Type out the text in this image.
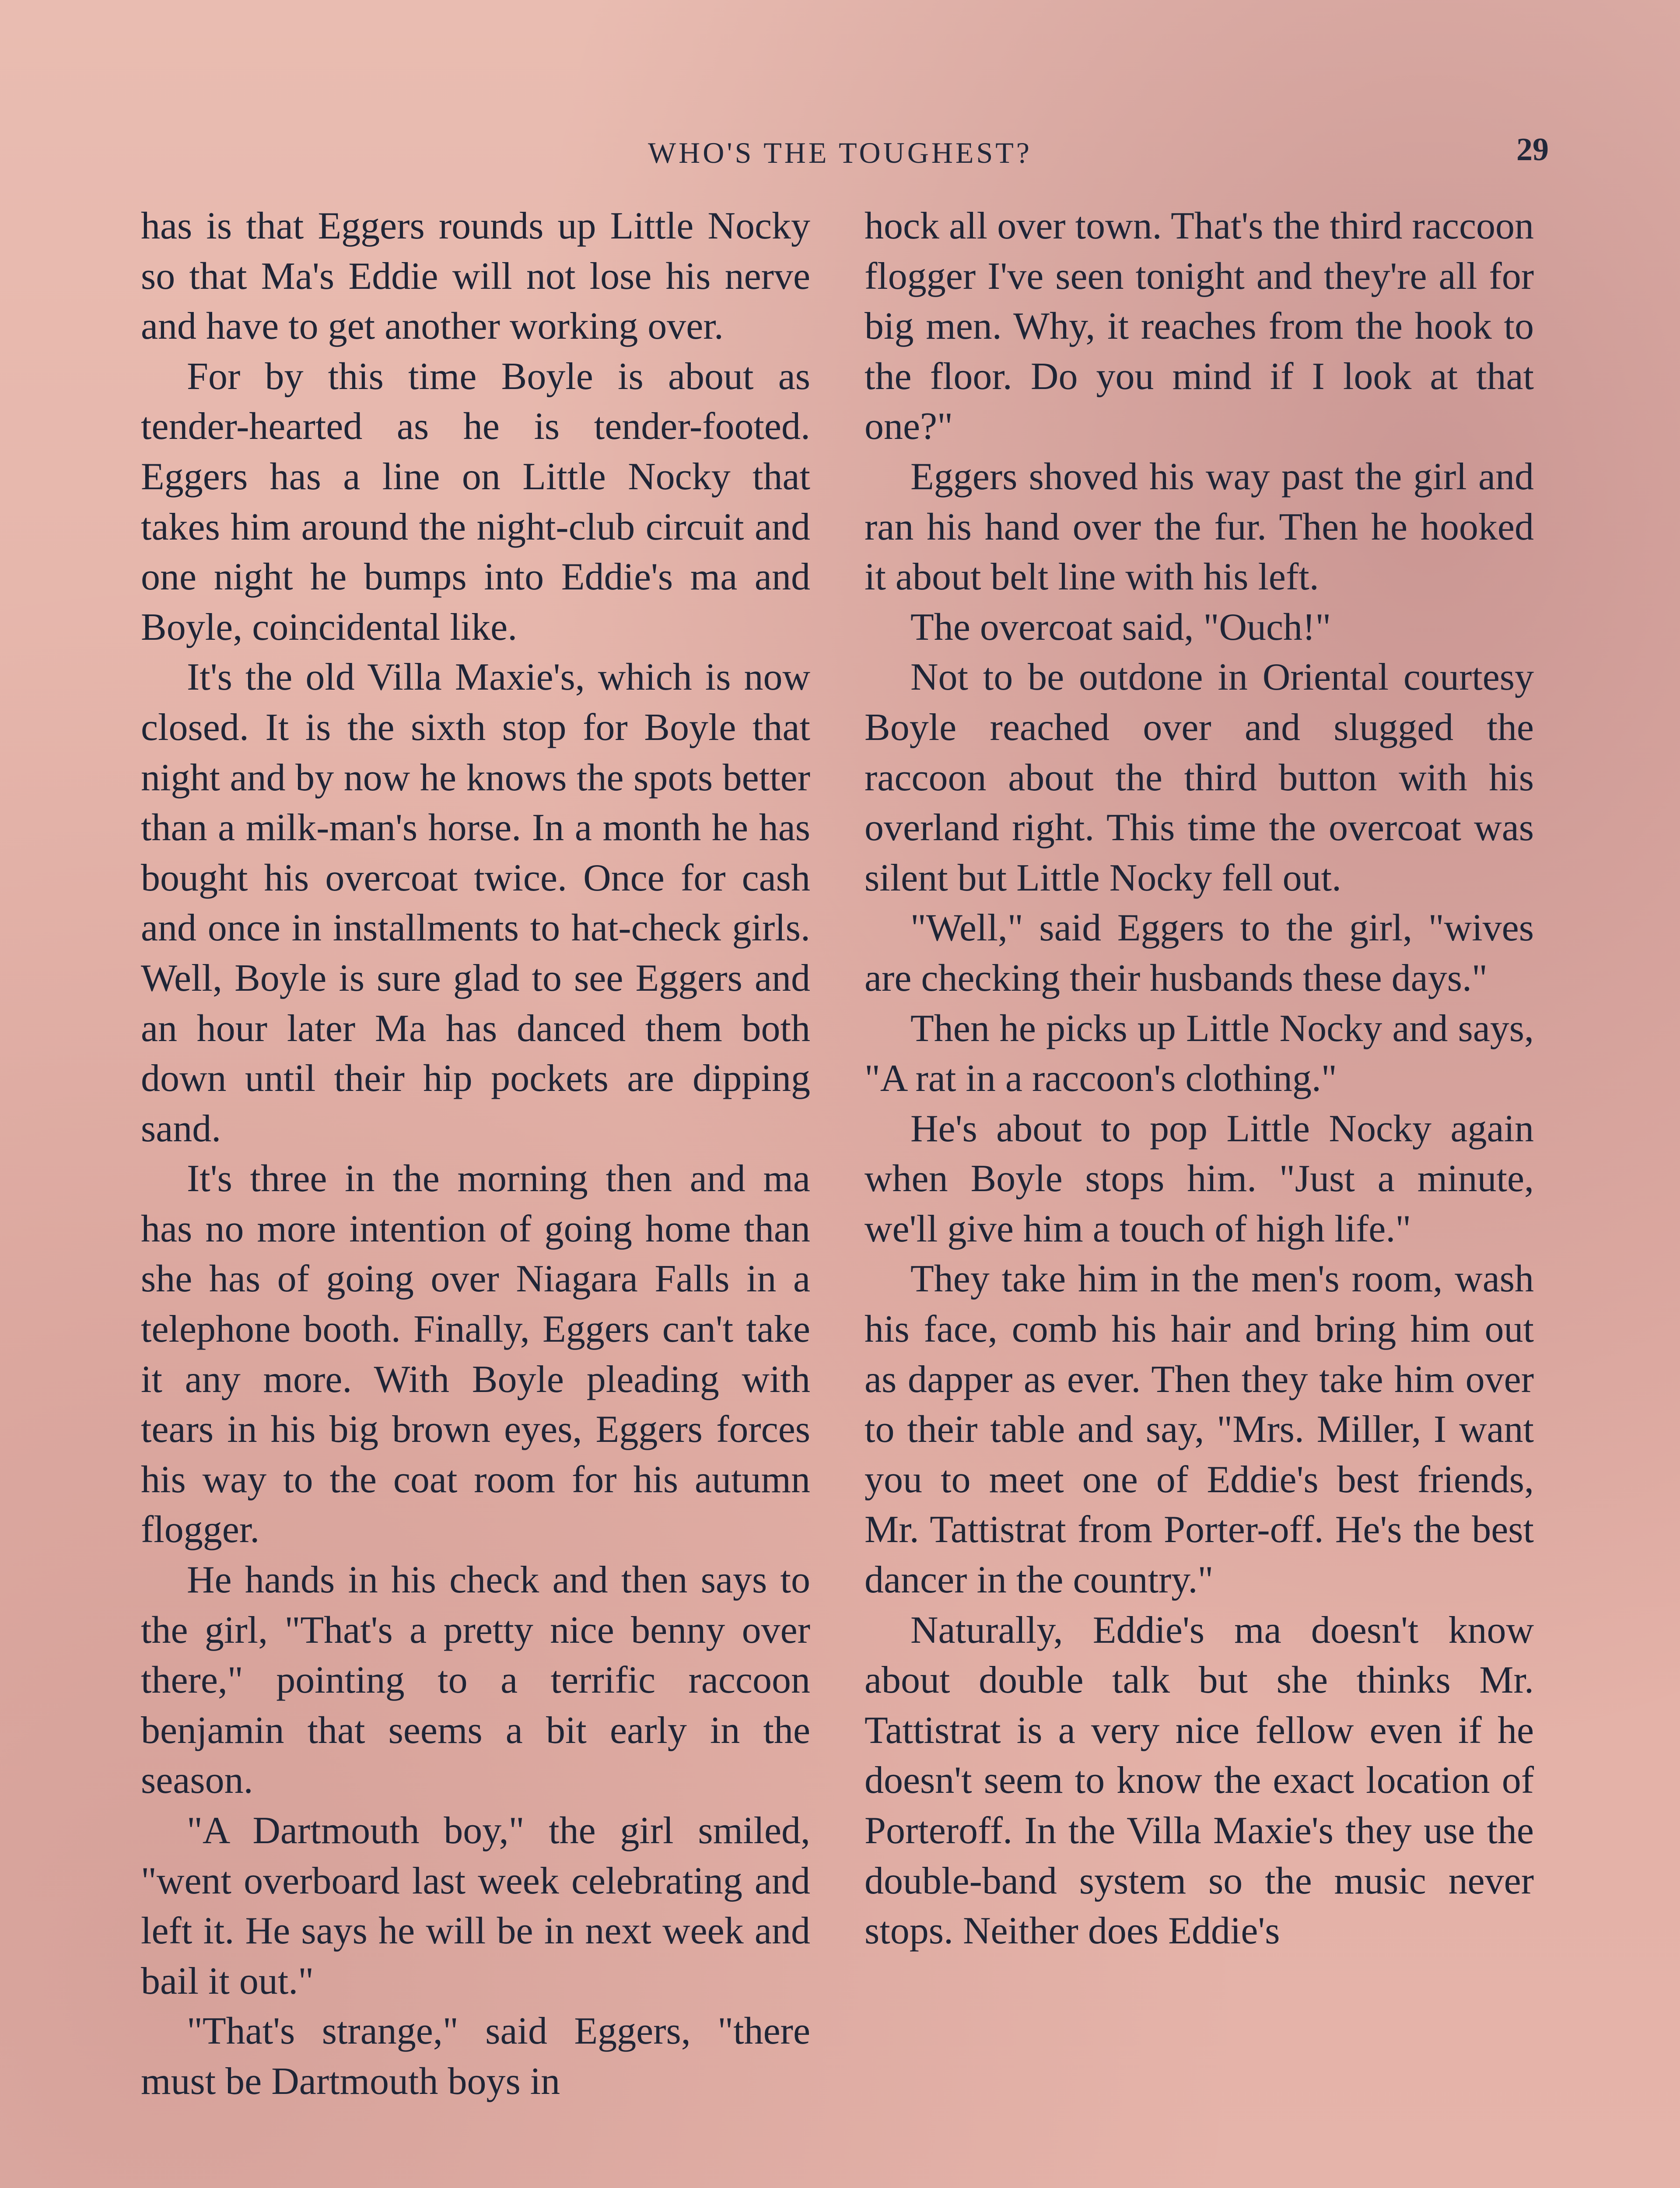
WHO'S THE TOUGHEST?	29

has is that Eggers rounds up Little Nocky so that Ma's Eddie will not lose his nerve and have to get another working over.

For by this time Boyle is about as tender-hearted as he is tender-footed. Eggers has a line on Little Nocky that takes him around the night-club circuit and one night he bumps into Eddie's ma and Boyle, coincidental like.

It's the old Villa Maxie's, which is now closed. It is the sixth stop for Boyle that night and by now he knows the spots better than a milk-man's horse. In a month he has bought his overcoat twice. Once for cash and once in installments to hat-check girls. Well, Boyle is sure glad to see Eggers and an hour later Ma has danced them both down until their hip pockets are dipping sand.

It's three in the morning then and ma has no more intention of going home than she has of going over Niagara Falls in a telephone booth. Finally, Eggers can't take it any more. With Boyle pleading with tears in his big brown eyes, Eggers forces his way to the coat room for his autumn flogger.

He hands in his check and then says to the girl, "That's a pretty nice benny over there," pointing to a terrific raccoon benjamin that seems a bit early in the season.

"A Dartmouth boy," the girl smiled, "went overboard last week celebrating and left it. He says he will be in next week and bail it out."

"That's strange," said Eggers, "there must be Dartmouth boys in

hock all over town. That's the third raccoon flogger I've seen tonight and they're all for big men. Why, it reaches from the hook to the floor. Do you mind if I look at that one?"

Eggers shoved his way past the girl and ran his hand over the fur. Then he hooked it about belt line with his left.

The overcoat said, "Ouch!"

Not to be outdone in Oriental courtesy Boyle reached over and slugged the raccoon about the third button with his overland right. This time the overcoat was silent but Little Nocky fell out.

"Well," said Eggers to the girl, "wives are checking their husbands these days."

Then he picks up Little Nocky and says, "A rat in a raccoon's clothing."

He's about to pop Little Nocky again when Boyle stops him. "Just a minute, we'll give him a touch of high life."

They take him in the men's room, wash his face, comb his hair and bring him out as dapper as ever. Then they take him over to their table and say, "Mrs. Miller, I want you to meet one of Eddie's best friends, Mr. Tattistrat from Porter-off. He's the best dancer in the country."

Naturally, Eddie's ma doesn't know about double talk but she thinks Mr. Tattistrat is a very nice fellow even if he doesn't seem to know the exact location of Porteroff. In the Villa Maxie's they use the double-band system so the music never stops. Neither does Eddie's
